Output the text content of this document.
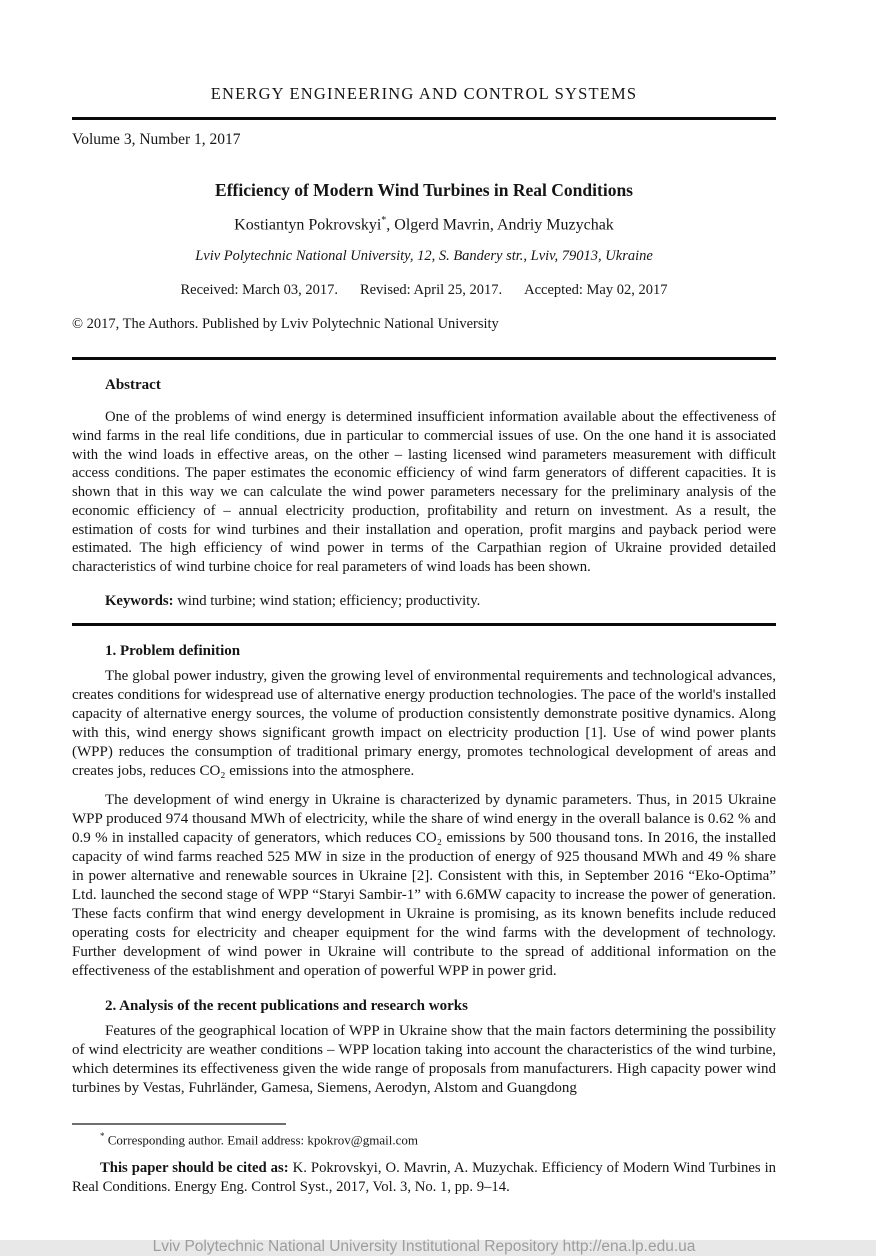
ENERGY ENGINEERING AND CONTROL SYSTEMS
Volume 3, Number 1, 2017
Efficiency of Modern Wind Turbines in Real Conditions
Kostiantyn Pokrovskyi*, Olgerd Mavrin, Andriy Muzychak
Lviv Polytechnic National University, 12, S. Bandery str., Lviv, 79013, Ukraine
Received: March 03, 2017. Revised: April 25, 2017. Accepted: May 02, 2017
© 2017, The Authors. Published by Lviv Polytechnic National University
Abstract

One of the problems of wind energy is determined insufficient information available about the effectiveness of wind farms in the real life conditions, due in particular to commercial issues of use. On the one hand it is associated with the wind loads in effective areas, on the other – lasting licensed wind parameters measurement with difficult access conditions. The paper estimates the economic efficiency of wind farm generators of different capacities. It is shown that in this way we can calculate the wind power parameters necessary for the preliminary analysis of the economic efficiency of – annual electricity production, profitability and return on investment. As a result, the estimation of costs for wind turbines and their installation and operation, profit margins and payback period were estimated. The high efficiency of wind power in terms of the Carpathian region of Ukraine provided detailed characteristics of wind turbine choice for real parameters of wind loads has been shown.

Keywords: wind turbine; wind station; efficiency; productivity.

1. Problem definition

The global power industry, given the growing level of environmental requirements and technological advances, creates conditions for widespread use of alternative energy production technologies. The pace of the world's installed capacity of alternative energy sources, the volume of production consistently demonstrate positive dynamics. Along with this, wind energy shows significant growth impact on electricity production [1]. Use of wind power plants (WPP) reduces the consumption of traditional primary energy, promotes technological development of areas and creates jobs, reduces CO₂ emissions into the atmosphere.

The development of wind energy in Ukraine is characterized by dynamic parameters. Thus, in 2015 Ukraine WPP produced 974 thousand MWh of electricity, while the share of wind energy in the overall balance is 0.62 % and 0.9 % in installed capacity of generators, which reduces CO₂ emissions by 500 thousand tons. In 2016, the installed capacity of wind farms reached 525 MW in size in the production of energy of 925 thousand MWh and 49 % share in power alternative and renewable sources in Ukraine [2]. Consistent with this, in September 2016 “Eko-Optima” Ltd. launched the second stage of WPP “Staryi Sambir-1” with 6.6MW capacity to increase the power of generation. These facts confirm that wind energy development in Ukraine is promising, as its known benefits include reduced operating costs for electricity and cheaper equipment for the wind farms with the development of technology. Further development of wind power in Ukraine will contribute to the spread of additional information on the effectiveness of the establishment and operation of powerful WPP in power grid.

2. Analysis of the recent publications and research works

Features of the geographical location of WPP in Ukraine show that the main factors determining the possibility of wind electricity are weather conditions – WPP location taking into account the characteristics of the wind turbine, which determines its effectiveness given the wide range of proposals from manufacturers. High capacity power wind turbines by Vestas, Fuhrländer, Gamesa, Siemens, Aerodyn, Alstom and Guangdong

* Corresponding author. Email address: kpokrov@gmail.com

This paper should be cited as: K. Pokrovskyi, O. Mavrin, A. Muzychak. Efficiency of Modern Wind Turbines in Real Conditions. Energy Eng. Control Syst., 2017, Vol. 3, No. 1, pp. 9–14.

Lviv Polytechnic National University Institutional Repository http://ena.lp.edu.ua
